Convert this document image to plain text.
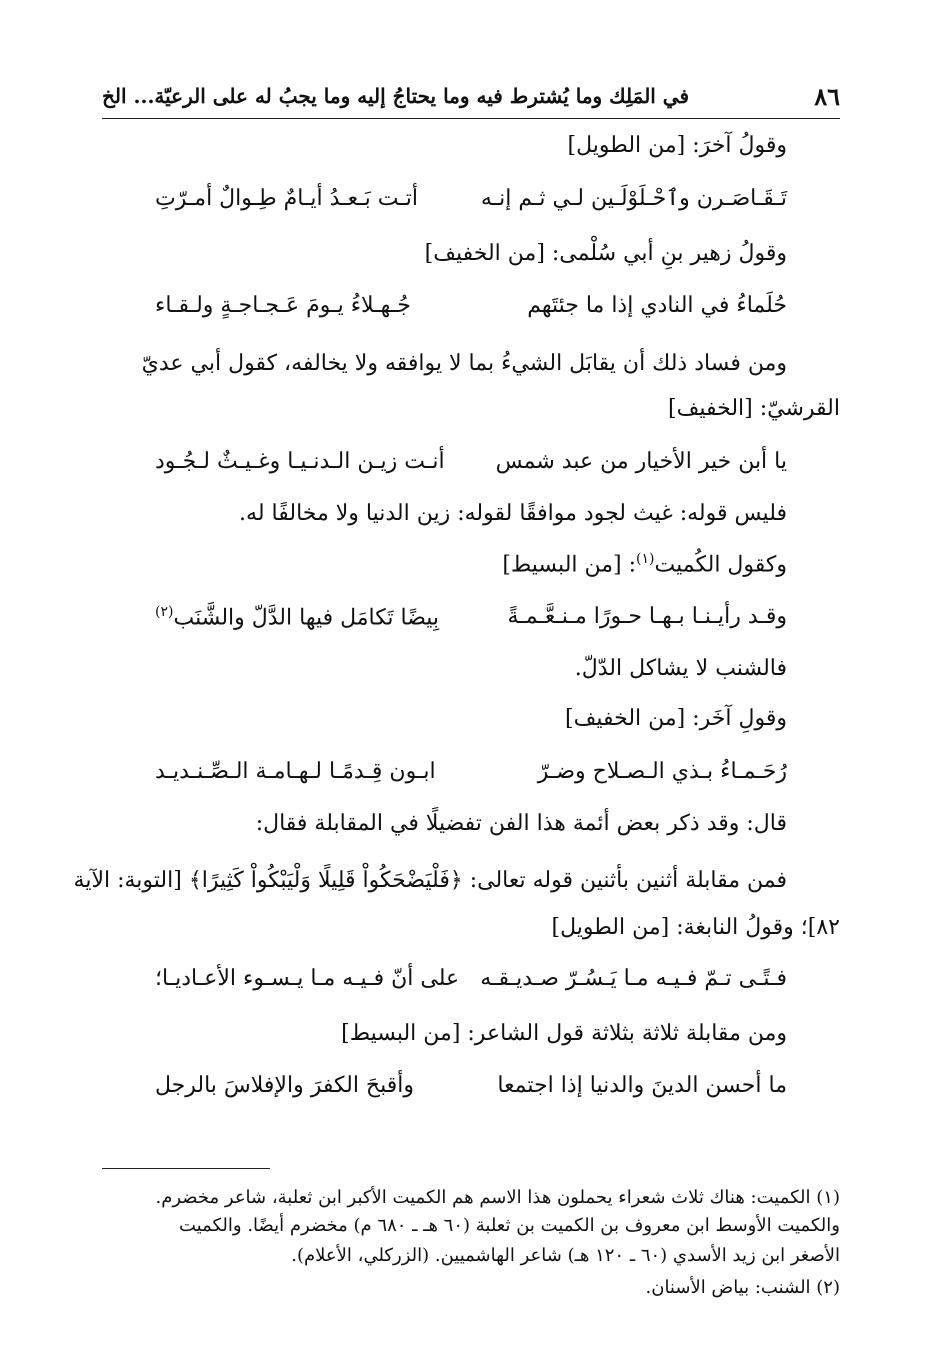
٨٦
في المَلِك وما يُشترط فيه وما يحتاجُ إليه وما يجبُ له على الرعيّة... الخ
وقولُ آخرَ: [من الطويل]
تَـقَـاصَـرن وٱحْـلَوْلَـين لـي ثـم إنـه
أتـت بَـعـدُ أيـامٌ طِـوالٌ أمـرّتِ
وقولُ زهير بنِ أبي سُلْمى: [من الخفيف]
حُلَماءُ في النادي إذا ما جئتَهم
جُـهـلاءُ يـومَ عَـجـاجـةٍ ولـقـاء
ومن فساد ذلك أن يقابَل الشيءُ بما لا يوافقه ولا يخالفه، كقول أبي عديّ
القرشيّ: [الخفيف]
يا أبن خير الأخيار من عبد شمس
أنـت زيـن الـدنـيـا وغـيـثٌ لـجُـود
فليس قوله: غيث لجود موافقًا لقوله: زين الدنيا ولا مخالفًا له.
وكقول الكُميت$^{(١)}$: [من البسيط]
وقـد رأيـنـا بـهـا حـورًا مـنـعَّـمـةً
بِيضًا تَكامَل فيها الدَّلّ والشَّنَب$^{(٢)}$
فالشنب لا يشاكل الدّلّ.
وقولِ آخَر: [من الخفيف]
رُحَـمـاءُ بـذي الـصـلاح وضـرّ
ابـون قِـدمًـا لـهـامـة الـصِّـنـديـد
قال: وقد ذكر بعض أئمة هذا الفن تفضيلًا في المقابلة فقال:
فمن مقابلة أثنين بأثنين قوله تعالى: ﴿فَلْيَضْحَكُواْ قَلِيلًا وَلْيَبْكُواْ كَثِيرًا﴾ [التوبة: الآية
٨٢]؛ وقولُ النابغة: [من الطويل]
فـتًـى تـمّ فـيـه مـا يَـسُـرّ صـديـقـه
على أنّ فـيـه مـا يـسـوء الأعـاديـا؛
ومن مقابلة ثلاثة بثلاثة قول الشاعر: [من البسيط]
ما أحسن الدينَ والدنيا إذا اجتمعا
وأقبحَ الكفرَ والإفلاسَ بالرجل
(١) الكميت: هناك ثلاث شعراء يحملون هذا الاسم هم الكميت الأكبر ابن ثعلبة، شاعر مخضرم.
والكميت الأوسط ابن معروف بن الكميت بن ثعلبة (٦٠ هـ ـ ٦٨٠ م) مخضرم أيضًا. والكميت
الأصغر ابن زيد الأسدي (٦٠ ـ ١٢٠ هـ) شاعر الهاشميين. (الزركلي، الأعلام).
(٢) الشنب: بياض الأسنان.
